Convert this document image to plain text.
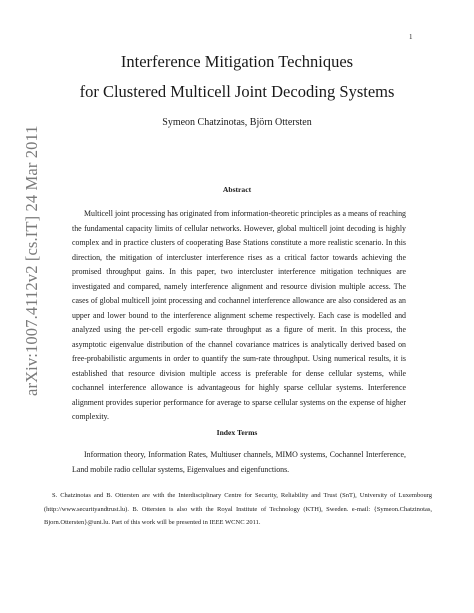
1
arXiv:1007.4112v2 [cs.IT] 24 Mar 2011
Interference Mitigation Techniques
for Clustered Multicell Joint Decoding Systems
Symeon Chatzinotas, Björn Ottersten
Abstract

Multicell joint processing has originated from information-theoretic principles as a means of reaching the fundamental capacity limits of cellular networks. However, global multicell joint decoding is highly complex and in practice clusters of cooperating Base Stations constitute a more realistic scenario. In this direction, the mitigation of intercluster interference rises as a critical factor towards achieving the promised throughput gains. In this paper, two intercluster interference mitigation techniques are investigated and compared, namely interference alignment and resource division multiple access. The cases of global multicell joint processing and cochannel interference allowance are also considered as an upper and lower bound to the interference alignment scheme respectively. Each case is modelled and analyzed using the per-cell ergodic sum-rate throughput as a figure of merit. In this process, the asymptotic eigenvalue distribution of the channel covariance matrices is analytically derived based on free-probabilistic arguments in order to quantify the sum-rate throughput. Using numerical results, it is established that resource division multiple access is preferable for dense cellular systems, while cochannel interference allowance is advantageous for highly sparse cellular systems. Interference alignment provides superior performance for average to sparse cellular systems on the expense of higher complexity.

Index Terms

Information theory, Information Rates, Multiuser channels, MIMO systems, Cochannel Interference, Land mobile radio cellular systems, Eigenvalues and eigenfunctions.

S. Chatzinotas and B. Ottersten are with the Interdisciplinary Centre for Security, Reliability and Trust (SnT), University of Luxembourg (http://www.securityandtrust.lu). B. Ottersten is also with the Royal Institute of Technology (KTH), Sweden. e-mail: {Symeon.Chatzinotas, Bjorn.Ottersten}@uni.lu. Part of this work will be presented in IEEE WCNC 2011.
